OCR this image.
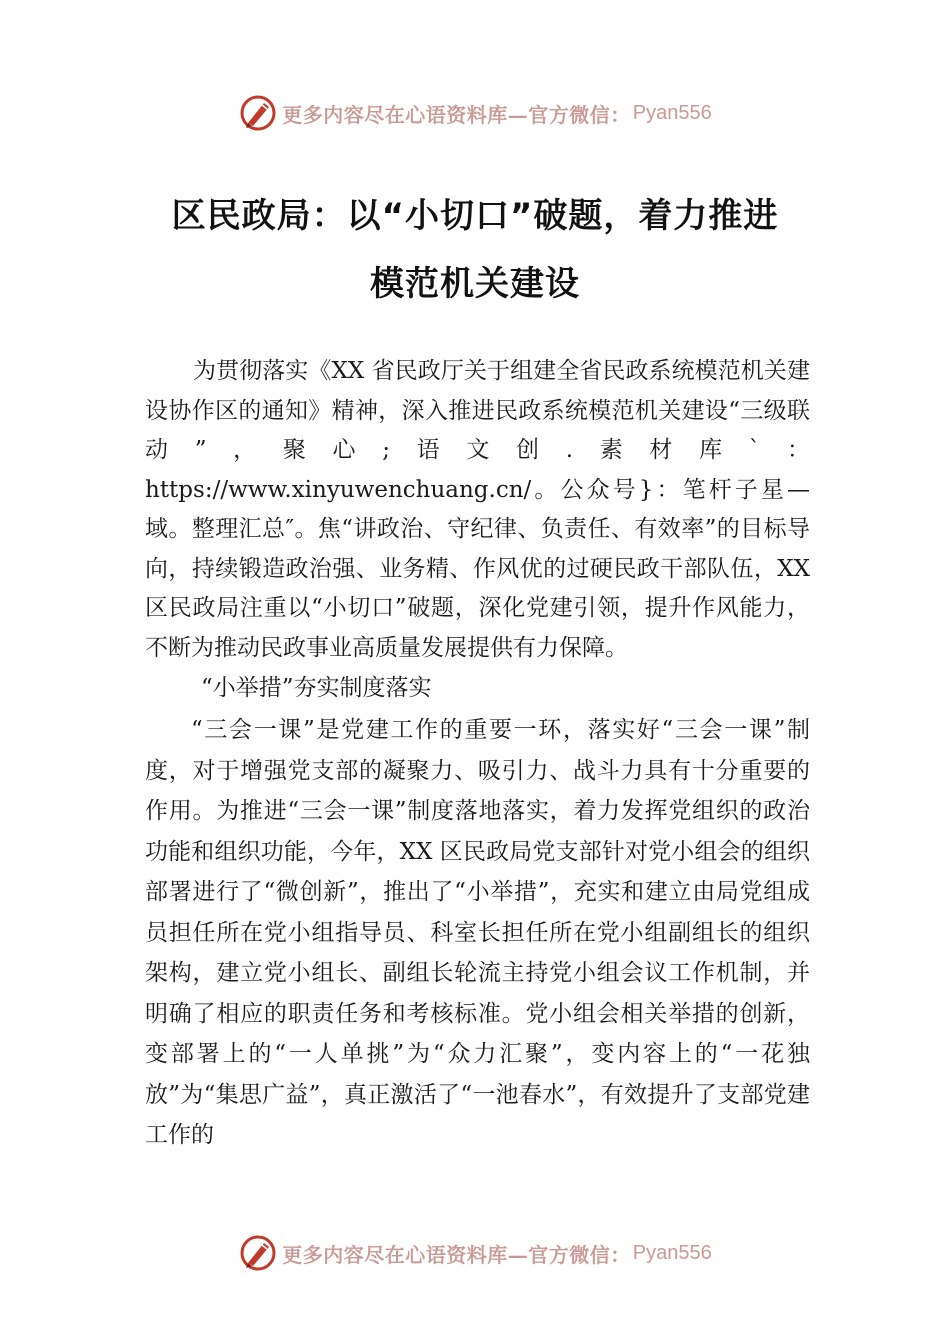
更多内容尽在心语资料库—官方微信： Pyan556
区民政局：以“小切口”破题，着力推进
模范机关建设

为贯彻落实《XX 省民政厅关于组建全省民政系统模范机关建设协作区的通知》精神，深入推进民政系统模范机关建设“三级联动”，聚心;语文创.素材库`：https://www.xinyuwenchuang.cn/。公众号}：笔杆子星—域。整理汇总″。焦“讲政治、守纪律、负责任、有效率”的目标导向，持续锻造政治强、业务精、作风优的过硬民政干部队伍，XX 区民政局注重以“小切口”破题，深化党建引领，提升作风能力，不断为推动民政事业高质量发展提供有力保障。

“小举措”夯实制度落实

“三会一课”是党建工作的重要一环，落实好“三会一课”制度，对于增强党支部的凝聚力、吸引力、战斗力具有十分重要的作用。为推进“三会一课”制度落地落实，着力发挥党组织的政治功能和组织功能，今年，XX 区民政局党支部针对党小组会的组织部署进行了“微创新”，推出了“小举措”，充实和建立由局党组成员担任所在党小组指导员、科室长担任所在党小组副组长的组织架构，建立党小组长、副组长轮流主持党小组会议工作机制，并明确了相应的职责任务和考核标准。党小组会相关举措的创新，变部署上的“一人单挑”为“众力汇聚”，变内容上的“一花独放”为“集思广益”，真正激活了“一池春水”，有效提升了支部党建工作的

更多内容尽在心语资料库—官方微信： Pyan556
